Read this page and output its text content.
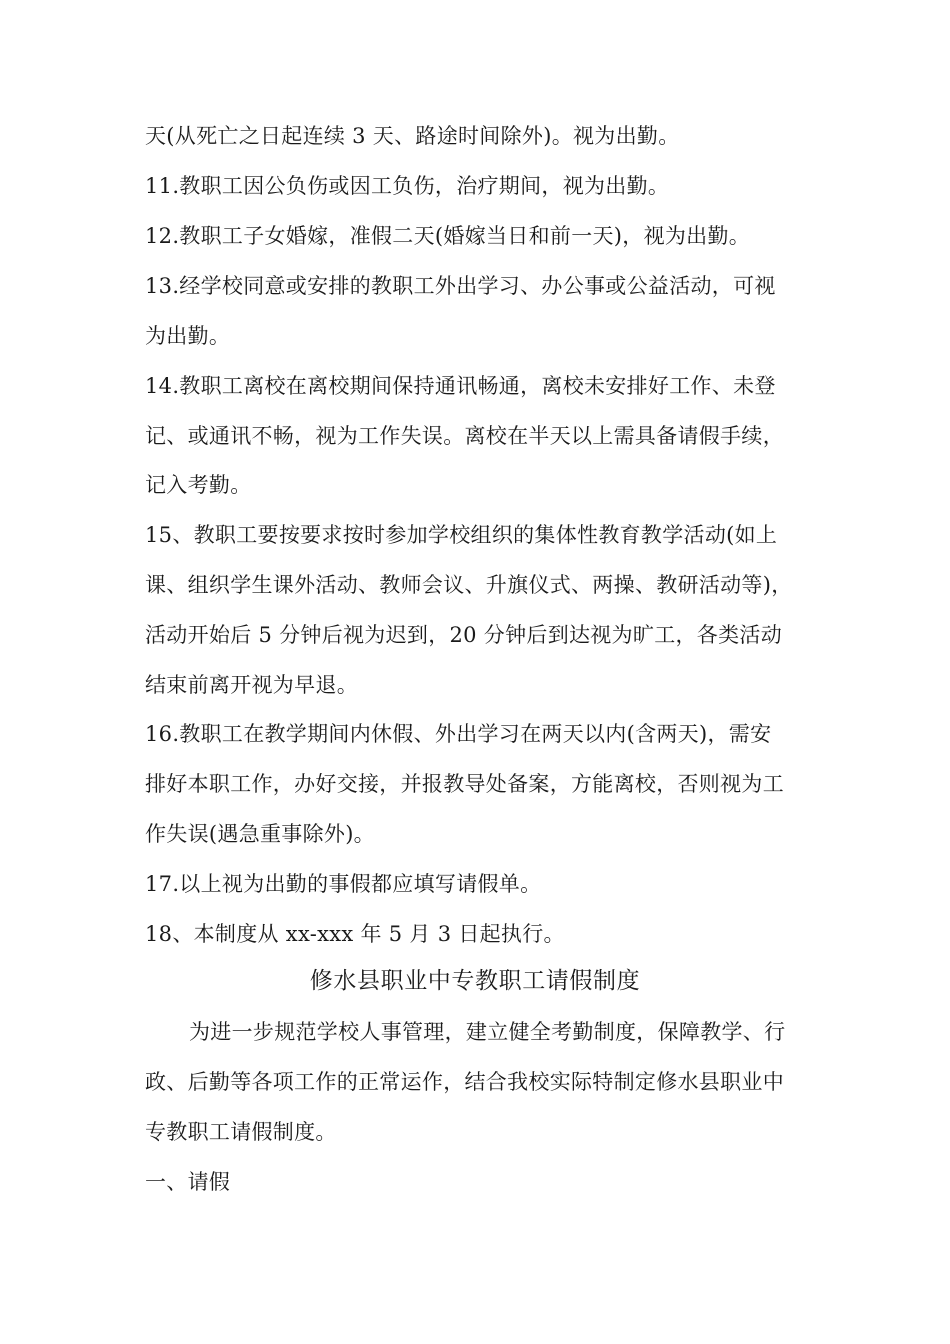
天(从死亡之日起连续 3 天、路途时间除外)。视为出勤。
11.教职工因公负伤或因工负伤，治疗期间，视为出勤。
12.教职工子女婚嫁，准假二天(婚嫁当日和前一天)，视为出勤。
13.经学校同意或安排的教职工外出学习、办公事或公益活动，可视
为出勤。
14.教职工离校在离校期间保持通讯畅通，离校未安排好工作、未登
记、或通讯不畅，视为工作失误。离校在半天以上需具备请假手续，
记入考勤。
15、教职工要按要求按时参加学校组织的集体性教育教学活动(如上
课、组织学生课外活动、教师会议、升旗仪式、两操、教研活动等)，
活动开始后 5 分钟后视为迟到，20 分钟后到达视为旷工，各类活动
结束前离开视为早退。
16.教职工在教学期间内休假、外出学习在两天以内(含两天)，需安
排好本职工作，办好交接，并报教导处备案，方能离校，否则视为工
作失误(遇急重事除外)。
17.以上视为出勤的事假都应填写请假单。
18、本制度从 xx-xxx 年 5 月 3 日起执行。
修水县职业中专教职工请假制度
为进一步规范学校人事管理，建立健全考勤制度，保障教学、行
政、后勤等各项工作的正常运作，结合我校实际特制定修水县职业中
专教职工请假制度。
一、请假
